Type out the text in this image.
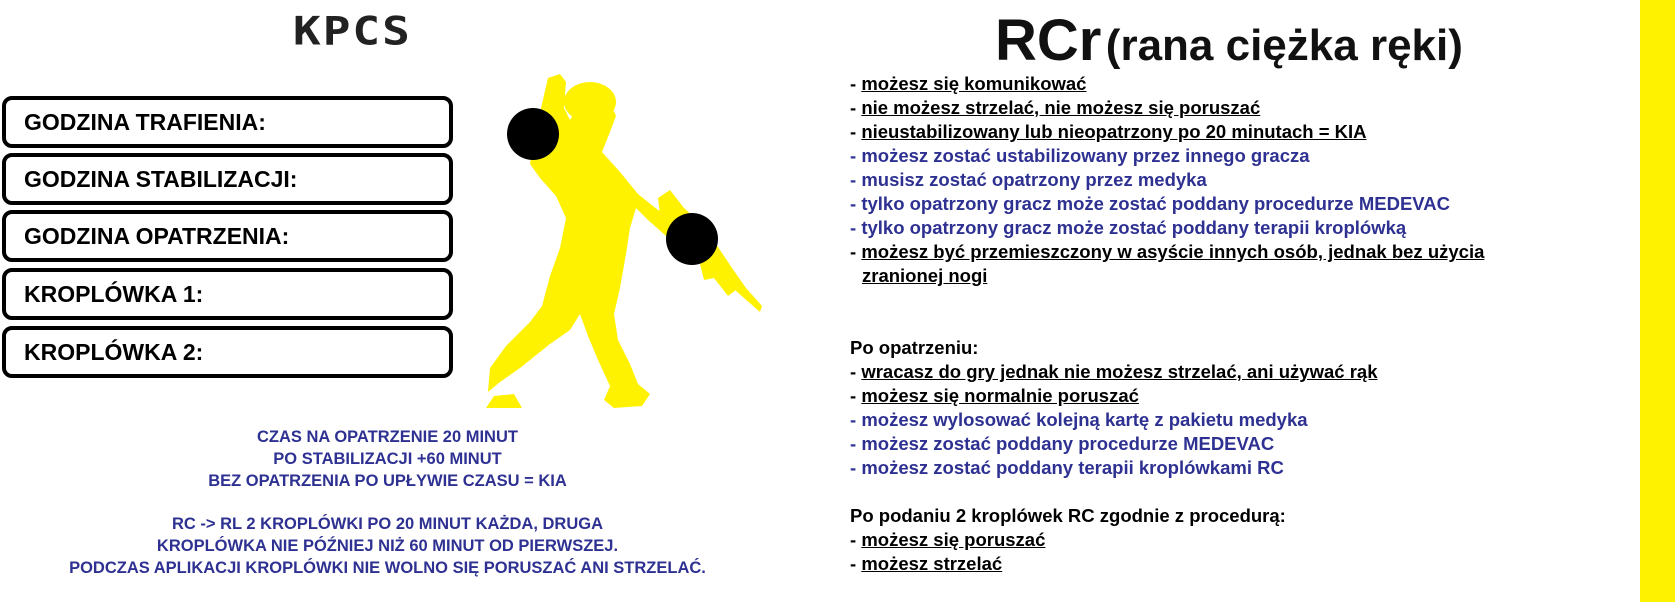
KPCS
GODZINA TRAFIENIA:
GODZINA STABILIZACJI:
GODZINA OPATRZENIA:
KROPLÓWKA 1:
KROPLÓWKA 2:
CZAS NA OPATRZENIE 20 MINUT
PO STABILIZACJI +60 MINUT
BEZ OPATRZENIA PO UPŁYWIE CZASU = KIA
RC -> RL 2 KROPLÓWKI PO 20 MINUT KAŻDA, DRUGA
KROPLÓWKA NIE PÓŹNIEJ NIŻ 60 MINUT OD PIERWSZEJ.
PODCZAS APLIKACJI KROPLÓWKI NIE WOLNO SIĘ PORUSZAĆ ANI STRZELAĆ.
RCr (rana ciężka ręki)
- możesz się komunikować
- nie możesz strzelać, nie możesz się poruszać
- nieustabilizowany lub nieopatrzony po 20 minutach = KIA
- możesz zostać ustabilizowany przez innego gracza
- musisz zostać opatrzony przez medyka
- tylko opatrzony gracz może zostać poddany procedurze MEDEVAC
- tylko opatrzony gracz może zostać poddany terapii kroplówką
- możesz być przemieszczony w asyście innych osób, jednak bez użycia
zranionej nogi
Po opatrzeniu:
- wracasz do gry jednak nie możesz strzelać, ani używać rąk
- możesz się normalnie poruszać
- możesz wylosować kolejną kartę z pakietu medyka
- możesz zostać poddany procedurze MEDEVAC
- możesz zostać poddany terapii kroplówkami RC
Po podaniu 2 kroplówek RC zgodnie z procedurą:
- możesz się poruszać
- możesz strzelać
